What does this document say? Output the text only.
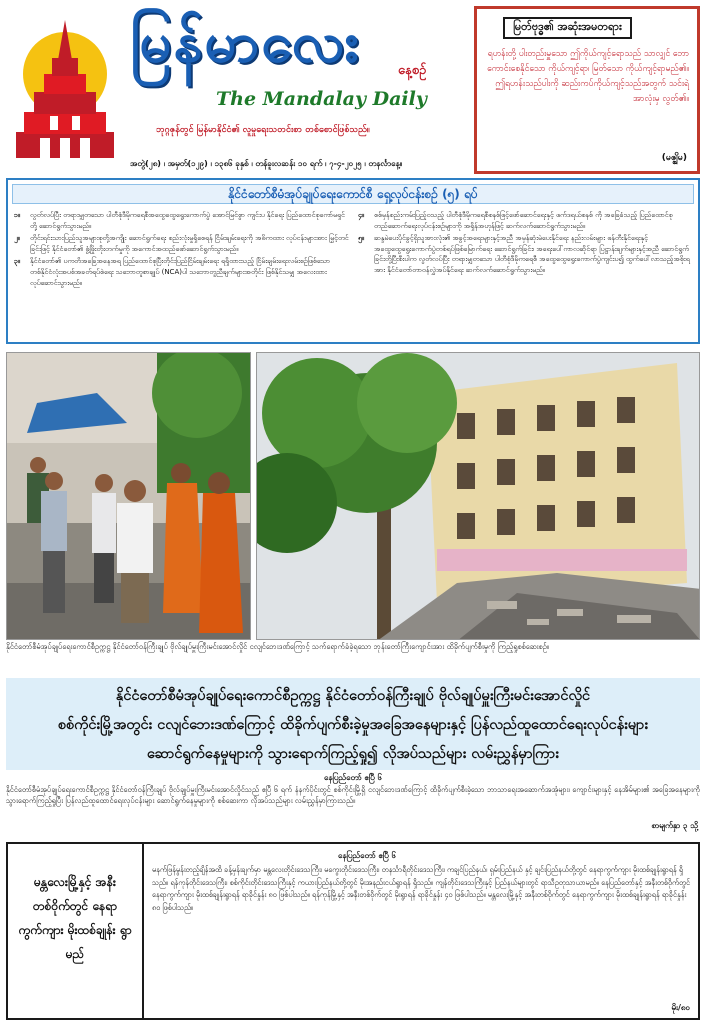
မြန်မာလေး	နေ့စဉ်
The Mandalay Daily
ဘုဂ္ဂဇုန်တွင် မြန်မာနိုင်ငံ၏ လူမှုရေးသတင်းစာ တစ်စောင်ဖြစ်သည်။
အတွဲ(၂၈) ၊ အမှတ်(၁၂၉) ၊ ၁၃၈၆ ခုနှစ် ၊ တန်ခူးလဆန်း ၁၀ ရက် ၊ ၇-၄-၂၀၂၅ ၊ တနင်္လာနေ့။
မြတ်ဗုဒ္ဓ၏ အဆုံးအမတရား
ရဟန်းတို့ ပါးတည်းမှူသော ဤကိုယ်ကျင့်ရောသည် သာလျှင် ဘောကောင်းစေနိုင်သော ကိုယ်ကျင့်ရာ၊ မြတ်သော ကိုယ်ကျင့်ရာမည်၏။ ဤရဟန်းသည်ပါးကို ဆည်းကပ်ကိုယ်ကျင့်သည်အတွက် သင်းရဲအာလုံးမှ လွတ်၏။
(မဇ္ဈိမ)
နိုင်ငံတော်စီမံအုပ်ချုပ်ရေးကောင်စီ ရှေ့လုပ်ငန်းစဉ် (၅) ရပ်
၁။	လွတ်လပ်ပြီး တရားမျှတသော ပါတီစုံဒီမိုကရေစီအထွေထွေရွေးကောက်ပွဲ အောင်မြင်စွာ ကျင်းပ နိုင်ရေး ပြည်ထောင်စုကော်မရှင်တို့ ဆောင်ရွက်သွားမည်။
၂။	တိုင်းရင်းသားပြည်သူအများစုတို့အကျိုး ဆောင်ရွက်ရေး စည်းလုံးမှုရှိစေရန် ငြိမ်းချမ်းရေးကို အဓိကထား လုပ်ငန်းများအား မြှင့်တင်ခြင်းဖြင့် နိုင်ငံတော်၏ ဖွံ့ဖြိုးတိုးတက်မှုကို အကောင်အထည်ဖော်ဆောင်ရွက်သွားမည်။
၃။	နိုင်ငံတော်၏ ပကတိအခြေအနေအရ ပြည်ထောင်စုပြီးတိုင်းပြည်ငြိမ်းချမ်းရေး ရရှိထားသည့် ငြိမ်းချမ်းရေးလမ်းစဉ်ဖြစ်သော တစ်နိုင်ငံလုံးအပစ်အခတ်ရပ်စဲရေး သဘောတူစာချုပ် (NCA)ပါ သဘောတူညီချက်များအတိုင်း ဖြစ်နိုင်သမျှ အလေးထား လုပ်ဆောင်သွားမည်။
၄။	စစ်မှန်စည်းကမ်းပြည့်ဝသည့် ပါတီစုံဒီမိုကရေစီစနစ်ဖြင့်ဖော်ဆောင်ရေးနှင့် ဖက်ဒရယ်စနစ် ကို အခြေခံသည့် ပြည်ထောင်စုတည်ဆောက်ရေးလုပ်ငန်းစဉ်များကို အရှိန်အဟုန်ဖြင့် ဆက်လက်ဆောင်ရွက်သွားမည်။
၅။	ဆန္ဒမဲပေးပိုင်ခွင့်ရှိသူအားလုံး၏ အခွင့်အရေးများနှင့်အညီ အမှန်ဆုံးမဲပေးနိုင်ရေး နည်းလမ်းများ ဖန်တီးနိုင်ရေးနှင့် အထွေထွေရွေးကောက်ပွဲတစ်ရပ်ဖြစ်မြောက်ရေး ဆောင်ရွက်ခြင်း၊ အရေးပေါ်ကာလဆိုင်ရာ ပြဋ္ဌာန်းချက်များနှင့်အညီ ဆောင်ရွက်ခြင်းတို့ပြီးစီးပါက လွတ်လပ်ပြီး တရားမျှတသော ပါတီစုံဒီမိုကရေစီ အထွေထွေရွေးကောက်ပွဲကျင်းပ၍ ထွက်ပေါ်လာသည့်အစိုးရအား နိုင်ငံတော်တာဝန်လွှဲအပ်နိုင်ရေး ဆက်လက်ဆောင်ရွက်သွားမည်။
နိုင်ငံတော်စီမံအုပ်ချုပ်ရေးကောင်စီဥက္ကဋ္ဌ နိုင်ငံတော်ဝန်ကြီးချုပ် ဗိုလ်ချုပ်မှူးကြီးမင်းအောင်လှိုင် ငလျင်ဘေးဒဏ်ကြောင့် သက်ရောက်ခံခဲ့ရသော ဘုန်းတော်ကြီးကျောင်းအား ထိခိုက်ပျက်စီးမှုကို ကြည့်ရှုစစ်ဆေးစဉ်။

နိုင်ငံတော်စီမံအုပ်ချုပ်ရေးကောင်စီဥက္ကဋ္ဌ နိုင်ငံတော်ဝန်ကြီးချုပ် ဗိုလ်ချုပ်မှူးကြီးမင်းအောင်လှိုင်

စစ်ကိုင်းမြို့အတွင်း ငလျင်ဘေးဒဏ်ကြောင့် ထိခိုက်ပျက်စီးခဲ့မှုအခြေအနေများနှင့် ပြန်လည်ထူထောင်ရေးလုပ်ငန်းများ

ဆောင်ရွက်နေမှုများကို သွားရောက်ကြည့်ရှု၍ လိုအပ်သည်များ လမ်းညွှန်မှာကြား

နေပြည်တော် ဧပြီ ၆
နိုင်ငံတော်စီမံအုပ်ချုပ်ရေးကောင်စီဥက္ကဋ္ဌ နိုင်ငံတော်ဝန်ကြီးချုပ် ဗိုလ်ချုပ်မှူးကြီးမင်းအောင်လှိုင်သည် ဧပြီ ၆ ရက် နံနက်ပိုင်းတွင် စစ်ကိုင်းမြို့ရှိ ငလျင်ဘေးဒဏ်ကြောင့် ထိခိုက်ပျက်စီးခဲ့သော ဘာသာရေးအဆောက်အအုံများ၊ ကျောင်းများနှင့် နေအိမ်များ၏ အခြေအနေများကို သွားရောက်ကြည့်ရှုပြီး ပြန်လည်ထူထောင်ရေးလုပ်ငန်းများ ဆောင်ရွက်နေမှုများကို စစ်ဆေးကာ လိုအပ်သည်များ လမ်းညွှန်မှာကြားသည်။
စာမျက်နှာ ၃ သို့
မန္တလေးမြို့နှင့် အနီးတစ်ဝိုက်တွင် နေရာကွက်ကျား မိုးထစ်ချုန်း ရွာမည်
နေပြည်တော် ဧပြီ ၆
မနက်ဖြန်မွန်းတည့်ချိန်အထိ ခန့်မှန်းချက်မှာ မန္တလေးတိုင်းဒေသကြီး၊ မကွေးတိုင်းဒေသကြီး၊ တနင်္သာရီတိုင်းဒေသကြီး၊ ကချင်ပြည်နယ်၊ ရှမ်းပြည်နယ် နှင့် ချင်းပြည်နယ်တို့တွင် နေရာကွက်ကျား မိုးထစ်ချုန်းရွာရန် ရှိသည်။ ရန်ကုန်တိုင်းဒေသကြီး၊ စစ်ကိုင်းတိုင်းဒေသကြီးနှင့် ကယားပြည်နယ်တို့တွင် မိုးအနည်းငယ်ရွာရန် ရှိသည်။ ကျန်တိုင်းဒေသကြီးနှင့် ပြည်နယ်များတွင် ရာသီဥတုသာယာမည်။ နေပြည်တော်နှင့် အနီးတစ်ဝိုက်တွင် နေရာကွက်ကျား မိုးထစ်ချုန်းရွာရန် ရာခိုင်နှုန်း ၈၀ ဖြစ်ပါသည်။ ရန်ကုန်မြို့နှင့် အနီးတစ်ဝိုက်တွင် မိုးရွာရန် ရာခိုင်နှုန်း ၄၀ ဖြစ်ပါသည်။ မန္တလေးမြို့နှင့် အနီးတစ်ဝိုက်တွင် နေရာကွက်ကျား မိုးထစ်ချုန်းရွာရန် ရာခိုင်နှုန်း ၈၀ ဖြစ်ပါသည်။
မိုး/၈၀
